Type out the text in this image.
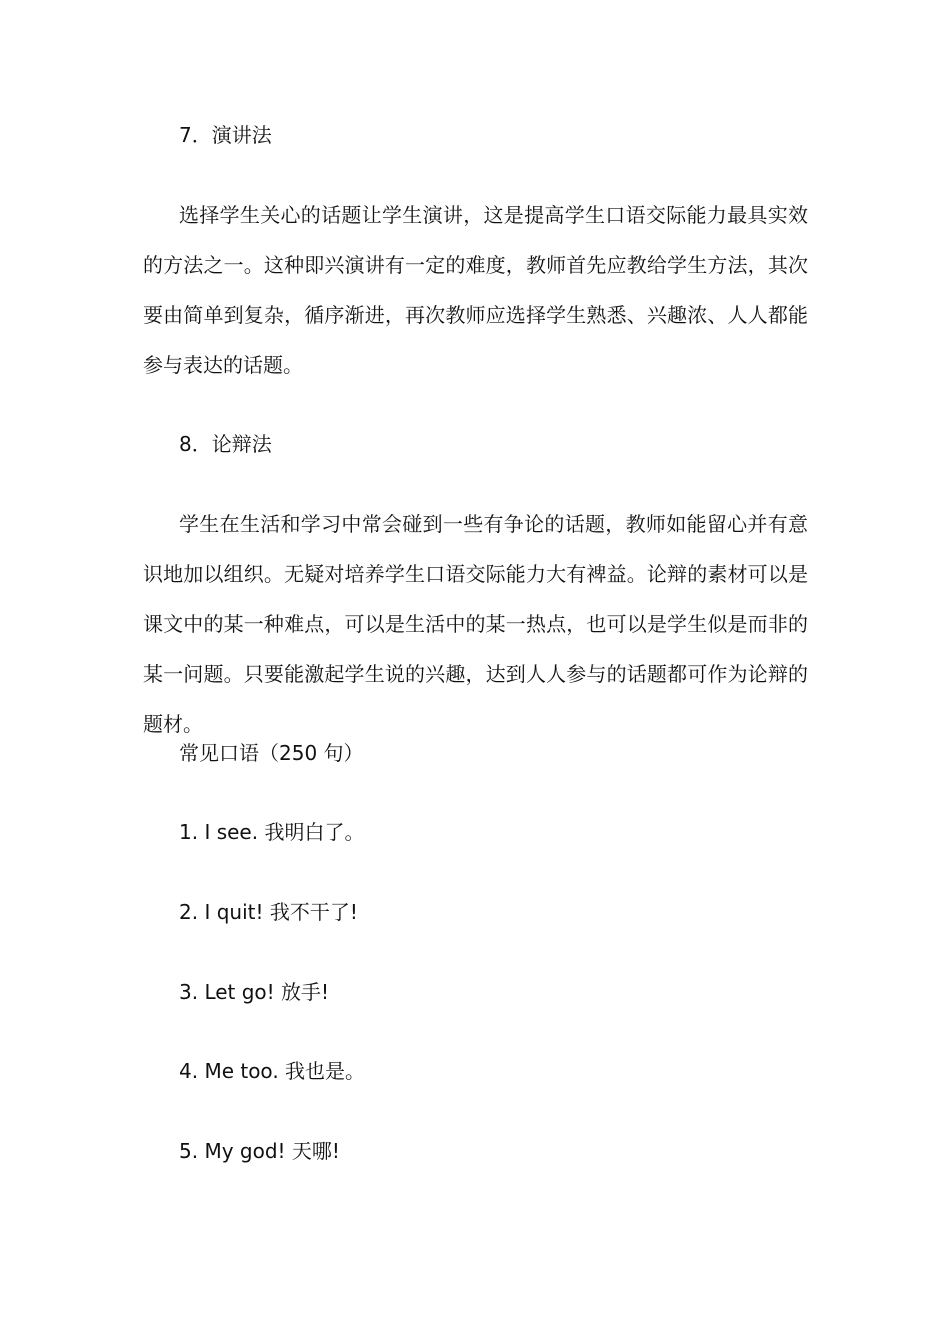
7．演讲法

选择学生关心的话题让学生演讲，这是提高学生口语交际能力最具实效的方法之一。这种即兴演讲有一定的难度，教师首先应教给学生方法，其次要由简单到复杂，循序渐进，再次教师应选择学生熟悉、兴趣浓、人人都能参与表达的话题。

8．论辩法

学生在生活和学习中常会碰到一些有争论的话题，教师如能留心并有意识地加以组织。无疑对培养学生口语交际能力大有裨益。论辩的素材可以是课文中的某一种难点，可以是生活中的某一热点，也可以是学生似是而非的某一问题。只要能激起学生说的兴趣，达到人人参与的话题都可作为论辩的题材。

常见口语（250 句）
1. I see. 我明白了。
2. I quit! 我不干了!
3. Let go! 放手!
4. Me too. 我也是。
5. My god! 天哪!
